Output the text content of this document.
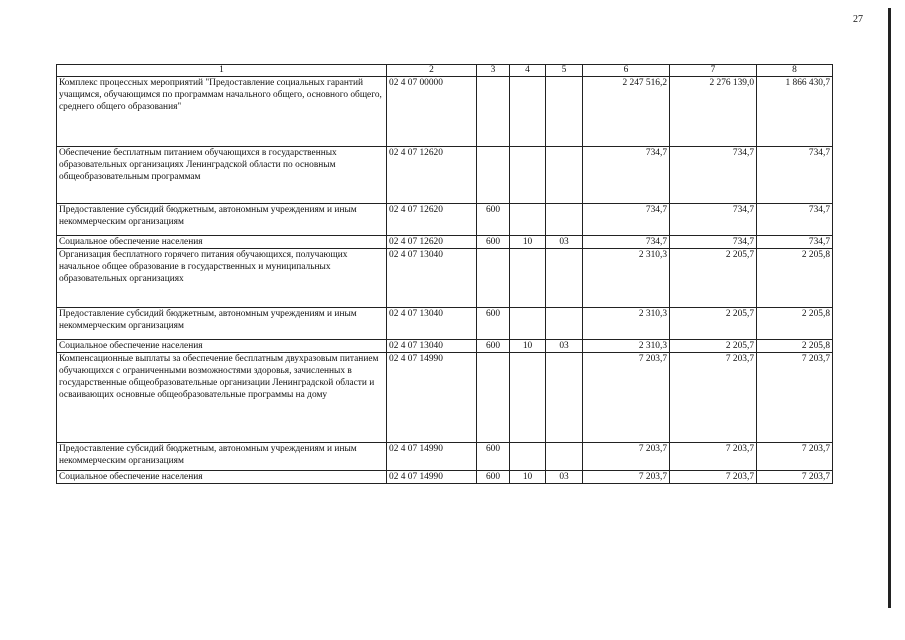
27
1	2	3	4	5	6	7	8
Комплекс процессных мероприятий "Предоставление социальных гарантий учащимся, обучающимся по программам начального общего, основного общего, среднего общего образования"	02 4 07 00000				2 247 516,2	2 276 139,0	1 866 430,7
Обеспечение бесплатным питанием обучающихся в государственных образовательных организациях Ленинградской области по основным общеобразовательным программам	02 4 07 12620				734,7	734,7	734,7
Предоставление субсидий бюджетным, автономным учреждениям и иным некоммерческим организациям	02 4 07 12620	600			734,7	734,7	734,7
Социальное обеспечение населения	02 4 07 12620	600	10	03	734,7	734,7	734,7
Организация бесплатного горячего питания обучающихся, получающих начальное общее образование в государственных и муниципальных образовательных организациях	02 4 07 13040				2 310,3	2 205,7	2 205,8
Предоставление субсидий бюджетным, автономным учреждениям и иным некоммерческим организациям	02 4 07 13040	600			2 310,3	2 205,7	2 205,8
Социальное обеспечение населения	02 4 07 13040	600	10	03	2 310,3	2 205,7	2 205,8
Компенсационные выплаты за обеспечение бесплатным двухразовым питанием обучающихся с ограниченными возможностями здоровья, зачисленных в государственные общеобразовательные организации Ленинградской области и осваивающих основные общеобразовательные программы на дому	02 4 07 14990				7 203,7	7 203,7	7 203,7
Предоставление субсидий бюджетным, автономным учреждениям и иным некоммерческим организациям	02 4 07 14990	600			7 203,7	7 203,7	7 203,7
Социальное обеспечение населения	02 4 07 14990	600	10	03	7 203,7	7 203,7	7 203,7
